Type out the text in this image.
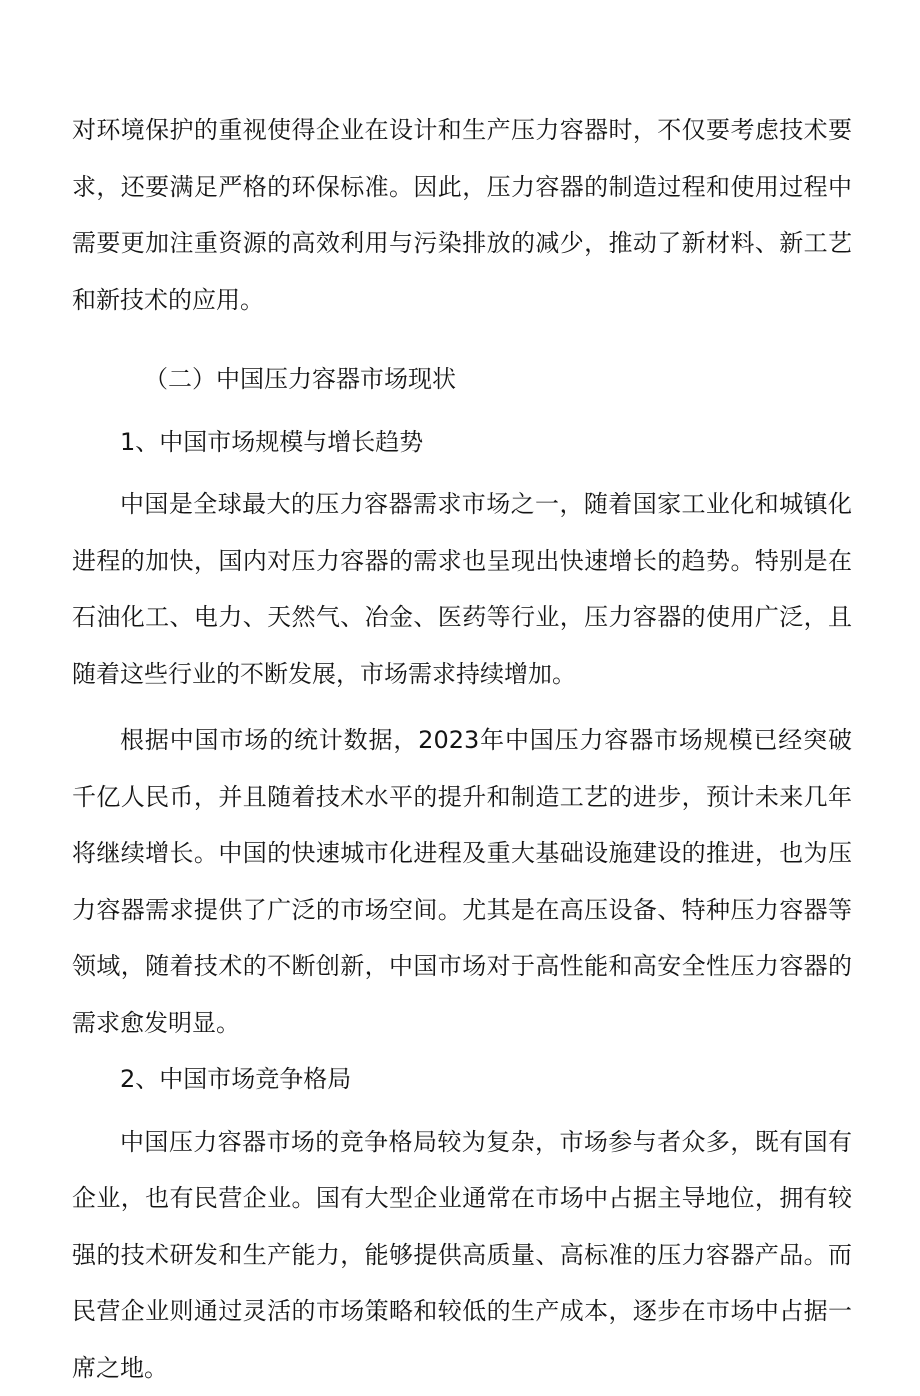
对环境保护的重视使得企业在设计和生产压力容器时，不仅要考虑技术要求，还要满足严格的环保标准。因此，压力容器的制造过程和使用过程中需要更加注重资源的高效利用与污染排放的减少，推动了新材料、新工艺和新技术的应用。

（二）中国压力容器市场现状

1、中国市场规模与增长趋势

中国是全球最大的压力容器需求市场之一，随着国家工业化和城镇化进程的加快，国内对压力容器的需求也呈现出快速增长的趋势。特别是在石油化工、电力、天然气、冶金、医药等行业，压力容器的使用广泛，且随着这些行业的不断发展，市场需求持续增加。

根据中国市场的统计数据，2023年中国压力容器市场规模已经突破千亿人民币，并且随着技术水平的提升和制造工艺的进步，预计未来几年将继续增长。中国的快速城市化进程及重大基础设施建设的推进，也为压力容器需求提供了广泛的市场空间。尤其是在高压设备、特种压力容器等领域，随着技术的不断创新，中国市场对于高性能和高安全性压力容器的需求愈发明显。

2、中国市场竞争格局

中国压力容器市场的竞争格局较为复杂，市场参与者众多，既有国有企业，也有民营企业。国有大型企业通常在市场中占据主导地位，拥有较强的技术研发和生产能力，能够提供高质量、高标准的压力容器产品。而民营企业则通过灵活的市场策略和较低的生产成本，逐步在市场中占据一席之地。
